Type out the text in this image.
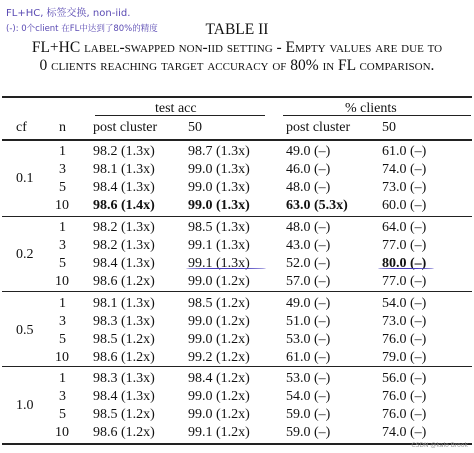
FL+HC, 标签交换, non-iid.
(-): 0个client 在FL中达到了80%的精度	TABLE II
FL+HC label-swapped non-iid setting - Empty values are due to
0 clients reaching target accuracy of 80% in FL comparison.
test acc	% clients
cf n post cluster 50	post cluster 50
0.1
1 98.2 (1.3x) 98.7 (1.3x)	49.0 (–)	61.0 (–)
3 98.1 (1.3x) 99.0 (1.3x)	46.0 (–)	74.0 (–)
5 98.4 (1.3x) 99.0 (1.3x)	48.0 (–)	73.0 (–)
10 98.6 (1.4x) 99.0 (1.3x)	63.0 (5.3x) 60.0 (–)
0.2
1 98.2 (1.3x) 98.5 (1.3x)	48.0 (–)	64.0 (–)
3 98.2 (1.3x) 99.1 (1.3x)	43.0 (–)	77.0 (–)
5 98.4 (1.3x) 99.1 (1.3x)	52.0 (–)	80.0 (–)
10 98.6 (1.2x) 99.0 (1.2x)	57.0 (–)	77.0 (–)
0.5
1 98.1 (1.3x) 98.5 (1.2x)	49.0 (–)	54.0 (–)
3 98.3 (1.3x) 99.0 (1.2x)	51.0 (–)	73.0 (–)
5 98.5 (1.2x) 99.0 (1.2x)	53.0 (–)	76.0 (–)
10 98.6 (1.2x) 99.2 (1.2x)	61.0 (–)	79.0 (–)
1.0
1 98.3 (1.3x) 98.4 (1.2x)	53.0 (–)	56.0 (–)
3 98.4 (1.3x) 99.0 (1.2x)	54.0 (–)	76.0 (–)
5 98.5 (1.2x) 99.0 (1.2x)	59.0 (–)	76.0 (–)
10 98.6 (1.2x) 99.1 (1.2x)	59.0 (–)	74.0 (–)
CSDN @kalo Brook
